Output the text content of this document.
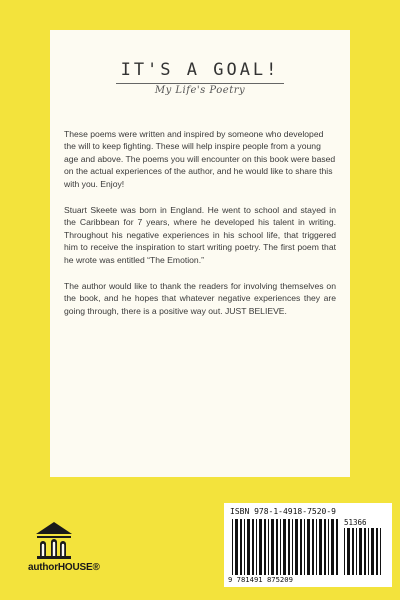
IT'S A GOAL!
My Life's Poetry

These poems were written and inspired by someone who developed the will to keep fighting. These will help inspire people from a young age and above. The poems you will encounter on this book were based on the actual experiences of the author, and he would like to share this with you. Enjoy!

Stuart Skeete was born in England. He went to school and stayed in the Caribbean for 7 years, where he developed his talent in writing. Throughout his negative experiences in his school life, that triggered him to receive the inspiration to start writing poetry. The first poem that he wrote was entitled “The Emotion.”

The author would like to thank the readers for involving themselves on the book, and he hopes that whatever negative experiences they are going through, there is a positive way out. JUST BELIEVE.

authorHOUSE®
ISBN 978-1-4918-7520-9
51366
9 781491 875209
